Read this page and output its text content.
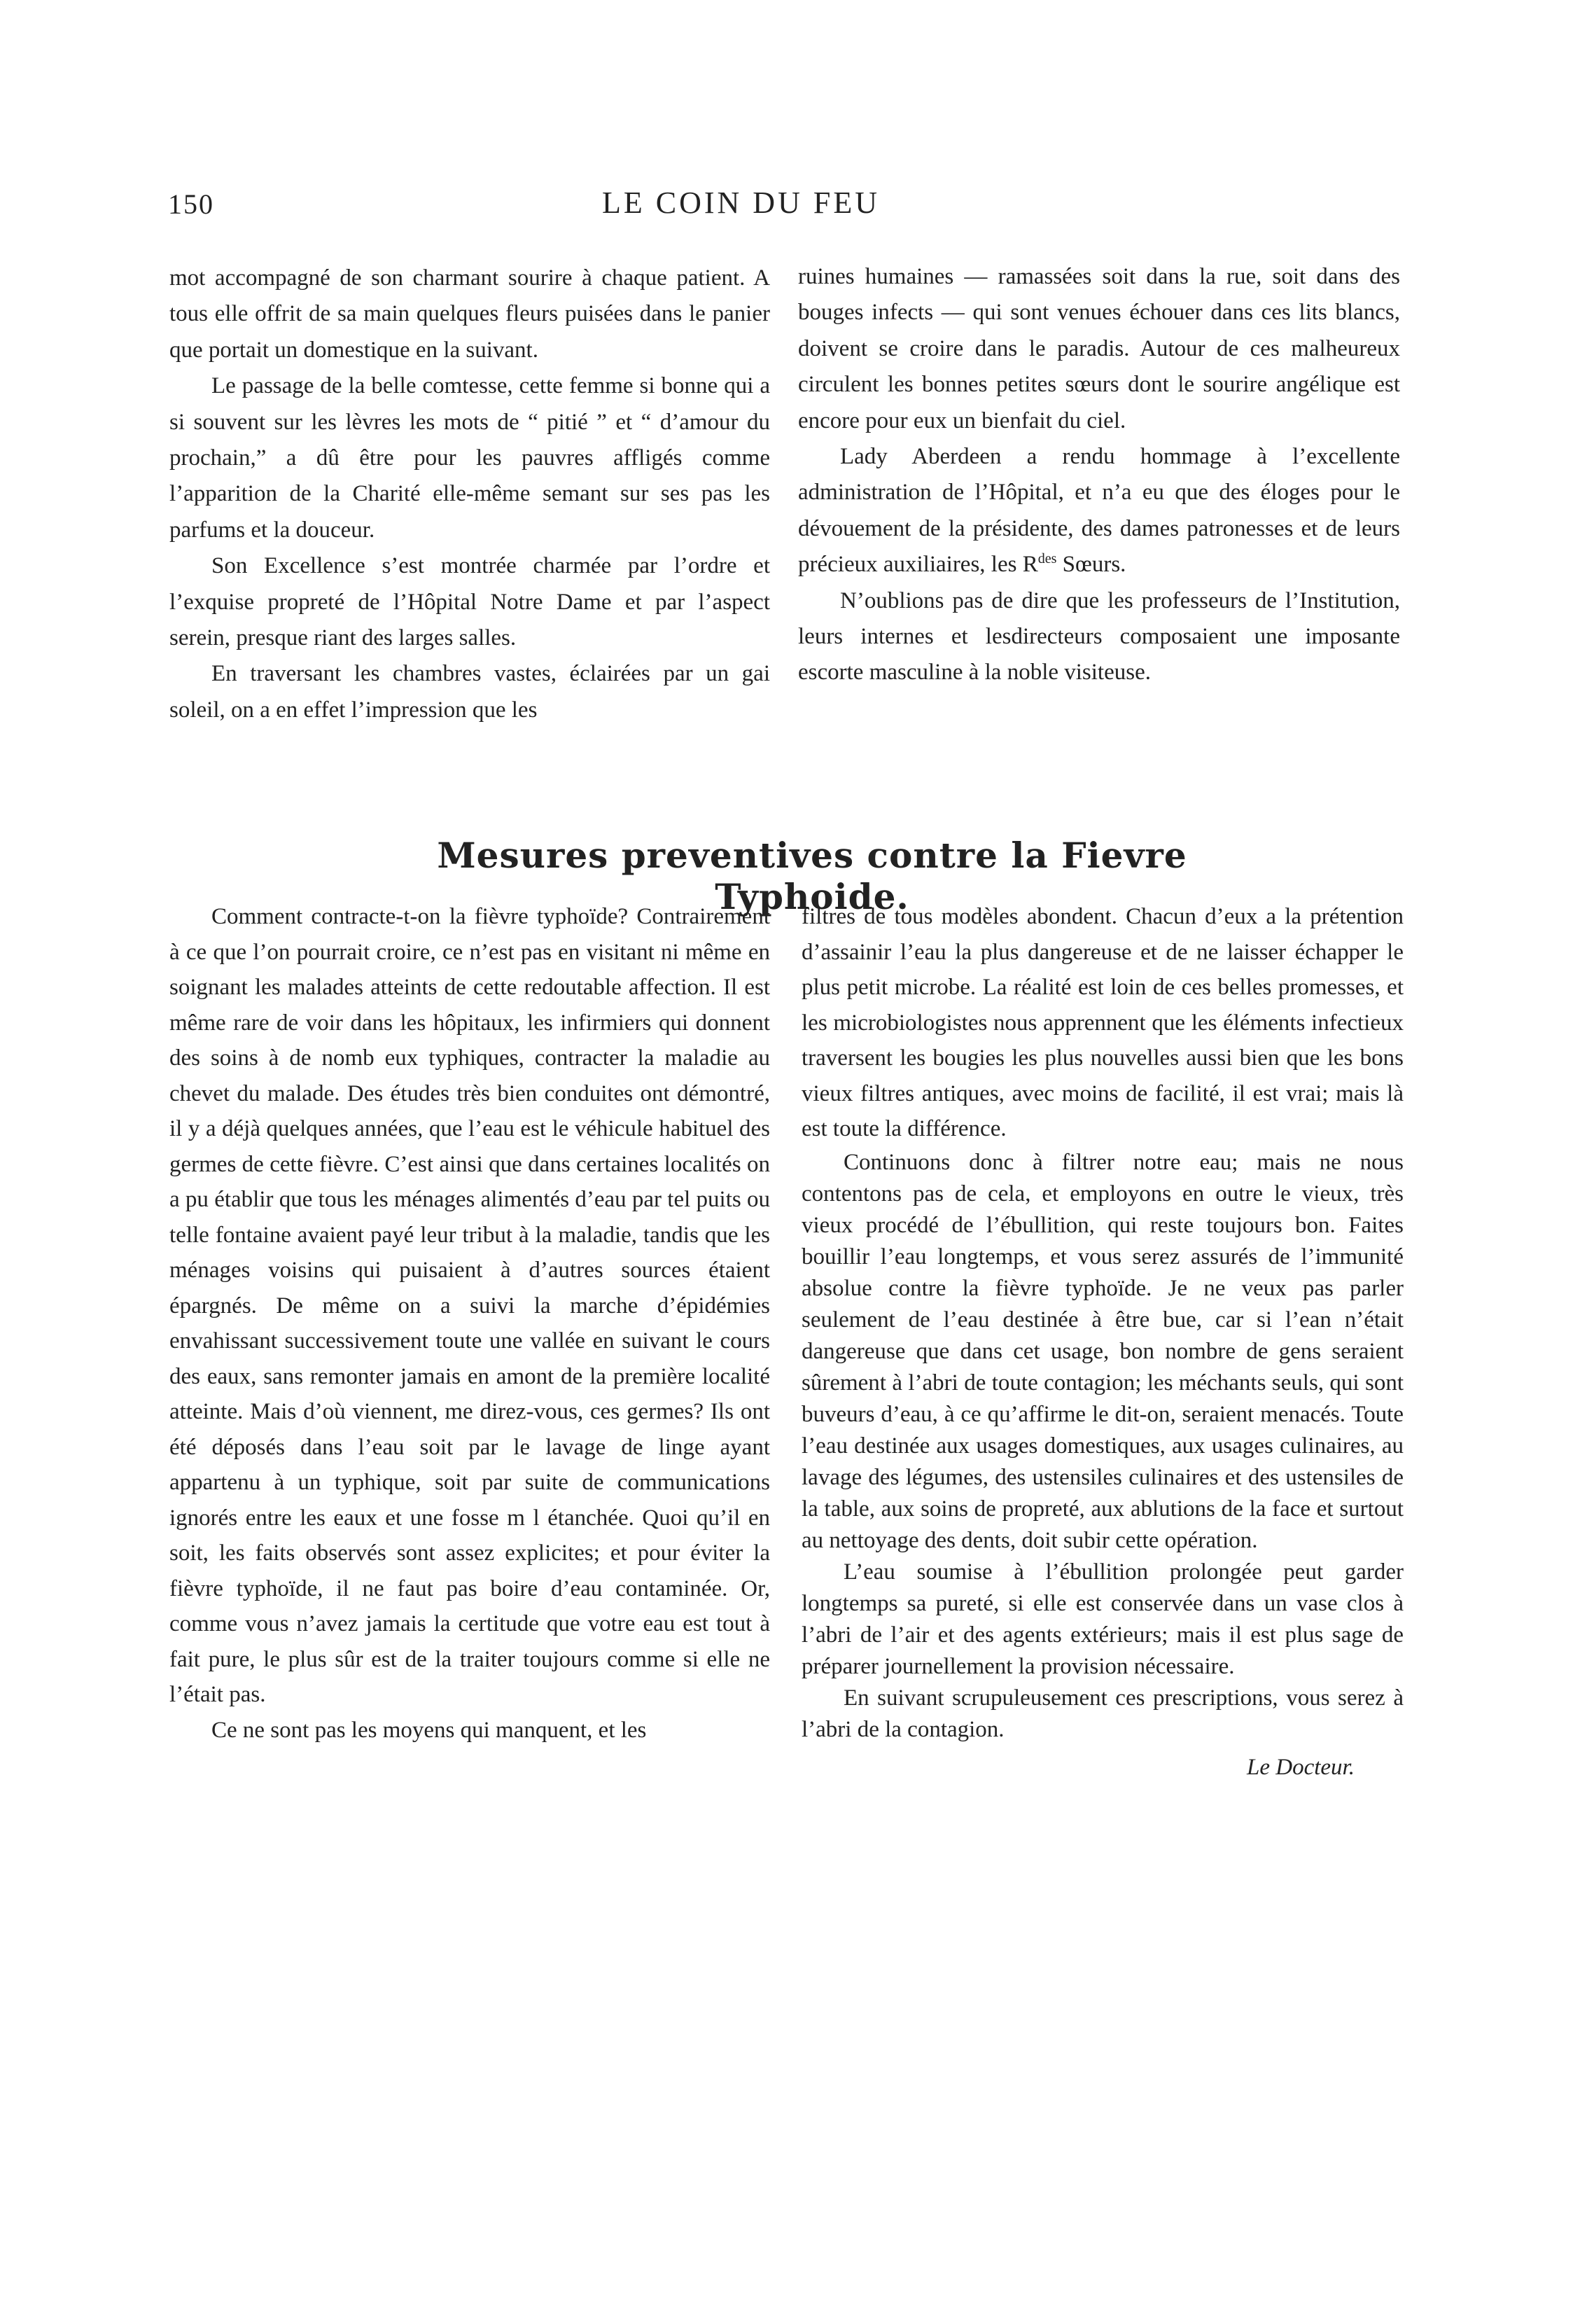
150	LE COIN DU FEU

mot accompagné de son charmant sourire à chaque patient. A tous elle offrit de sa main quelques fleurs puisées dans le panier que portait un domestique en la suivant.

Le passage de la belle comtesse, cette femme si bonne qui a si souvent sur les lèvres les mots de “ pitié ” et “ d’amour du prochain,” a dû être pour les pauvres affligés comme l’apparition de la Charité elle-même semant sur ses pas les parfums et la douceur.

Son Excellence s’est montrée charmée par l’ordre et l’exquise propreté de l’Hôpital Notre Dame et par l’aspect serein, presque riant des larges salles.

En traversant les chambres vastes, éclairées par un gai soleil, on a en effet l’impression que les

ruines humaines — ramassées soit dans la rue, soit dans des bouges infects — qui sont venues échouer dans ces lits blancs, doivent se croire dans le paradis. Autour de ces malheureux circulent les bonnes petites sœurs dont le sourire angélique est encore pour eux un bienfait du ciel.

Lady Aberdeen a rendu hommage à l’excellente administration de l’Hôpital, et n’a eu que des éloges pour le dévouement de la présidente, des dames patronesses et de leurs précieux auxiliaires, les $R^{des}$ Sœurs.

N’oublions pas de dire que les professeurs de l’Institution, leurs internes et lesdirecteurs composaient une imposante escorte masculine à la noble visiteuse.

Mesures preventives contre la Fievre Typhoide.

Comment contracte-t-on la fièvre typhoïde? Contrairement à ce que l’on pourrait croire, ce n’est pas en visitant ni même en soignant les malades atteints de cette redoutable affection. Il est même rare de voir dans les hôpitaux, les infirmiers qui donnent des soins à de nomb eux typhiques, contracter la maladie au chevet du malade. Des études très bien conduites ont démontré, il y a déjà quelques années, que l’eau est le véhicule habituel des germes de cette fièvre. C’est ainsi que dans certaines localités on a pu établir que tous les ménages alimentés d’eau par tel puits ou telle fontaine avaient payé leur tribut à la maladie, tandis que les ménages voisins qui puisaient à d’autres sources étaient épargnés. De même on a suivi la marche d’épidémies envahissant successivement toute une vallée en suivant le cours des eaux, sans remonter jamais en amont de la première localité atteinte. Mais d’où viennent, me direz-vous, ces germes? Ils ont été déposés dans l’eau soit par le lavage de linge ayant appartenu à un typhique, soit par suite de communications ignorés entre les eaux et une fosse m l étanchée. Quoi qu’il en soit, les faits observés sont assez explicites; et pour éviter la fièvre typhoïde, il ne faut pas boire d’eau contaminée. Or, comme vous n’avez jamais la certitude que votre eau est tout à fait pure, le plus sûr est de la traiter toujours comme si elle ne l’était pas.

Ce ne sont pas les moyens qui manquent, et les

filtres de tous modèles abondent. Chacun d’eux a la prétention d’assainir l’eau la plus dangereuse et de ne laisser échapper le plus petit microbe. La réalité est loin de ces belles promesses, et les microbiologistes nous apprennent que les éléments infectieux traversent les bougies les plus nouvelles aussi bien que les bons vieux filtres antiques, avec moins de facilité, il est vrai; mais là est toute la différence.

Continuons donc à filtrer notre eau; mais ne nous contentons pas de cela, et employons en outre le vieux, très vieux procédé de l’ébullition, qui reste toujours bon. Faites bouillir l’eau longtemps, et vous serez assurés de l’immunité absolue contre la fièvre typhoïde. Je ne veux pas parler seulement de l’eau destinée à être bue, car si l’ean n’était dangereuse que dans cet usage, bon nombre de gens seraient sûrement à l’abri de toute contagion; les méchants seuls, qui sont buveurs d’eau, à ce qu’affirme le dit-on, seraient menacés. Toute l’eau destinée aux usages domestiques, aux usages culinaires, au lavage des légumes, des ustensiles culinaires et des ustensiles de la table, aux soins de propreté, aux ablutions de la face et surtout au nettoyage des dents, doit subir cette opération.

L’eau soumise à l’ébullition prolongée peut garder longtemps sa pureté, si elle est conservée dans un vase clos à l’abri de l’air et des agents extérieurs; mais il est plus sage de préparer journellement la provision nécessaire.

En suivant scrupuleusement ces prescriptions, vous serez à l’abri de la contagion.

Le Docteur.
